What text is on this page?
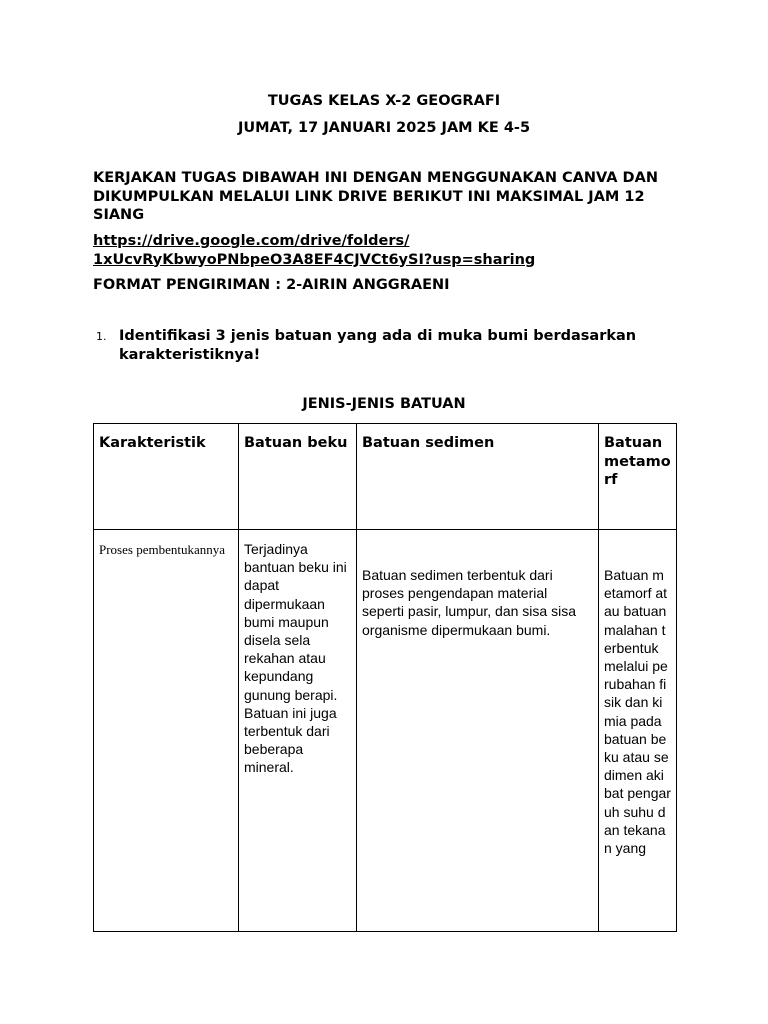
TUGAS KELAS X-2 GEOGRAFI
JUMAT, 17 JANUARI 2025 JAM KE 4-5
KERJAKAN TUGAS DIBAWAH INI DENGAN MENGGUNAKAN CANVA DAN DIKUMPULKAN MELALUI LINK DRIVE BERIKUT INI MAKSIMAL JAM 12 SIANG
https://drive.google.com/drive/folders/
1xUcvRyKbwyoPNbpeO3A8EF4CJVCt6ySI?usp=sharing
FORMAT PENGIRIMAN : 2-AIRIN ANGGRAENI
1. Identifikasi 3 jenis batuan yang ada di muka bumi berdasarkan karakteristiknya!
JENIS-JENIS BATUAN
Karakteristik	Batuan beku	Batuan sedimen	Batuan metamorf

Proses pembentukannya	Terjadinya bantuan beku ini dapat dipermukaan bumi maupun disela sela rekahan atau kepundang gunung berapi. Batuan ini juga terbentuk dari beberapa mineral.	Batuan sedimen terbentuk dari proses pengendapan material seperti pasir, lumpur, dan sisa sisa organisme dipermukaan bumi.	Batuan metamorf atau batuan malahan terbentuk melalui perubahan fisik dan kimia pada batuan beku atau sedimen akibat pengaruh suhu dan tekanan yang
